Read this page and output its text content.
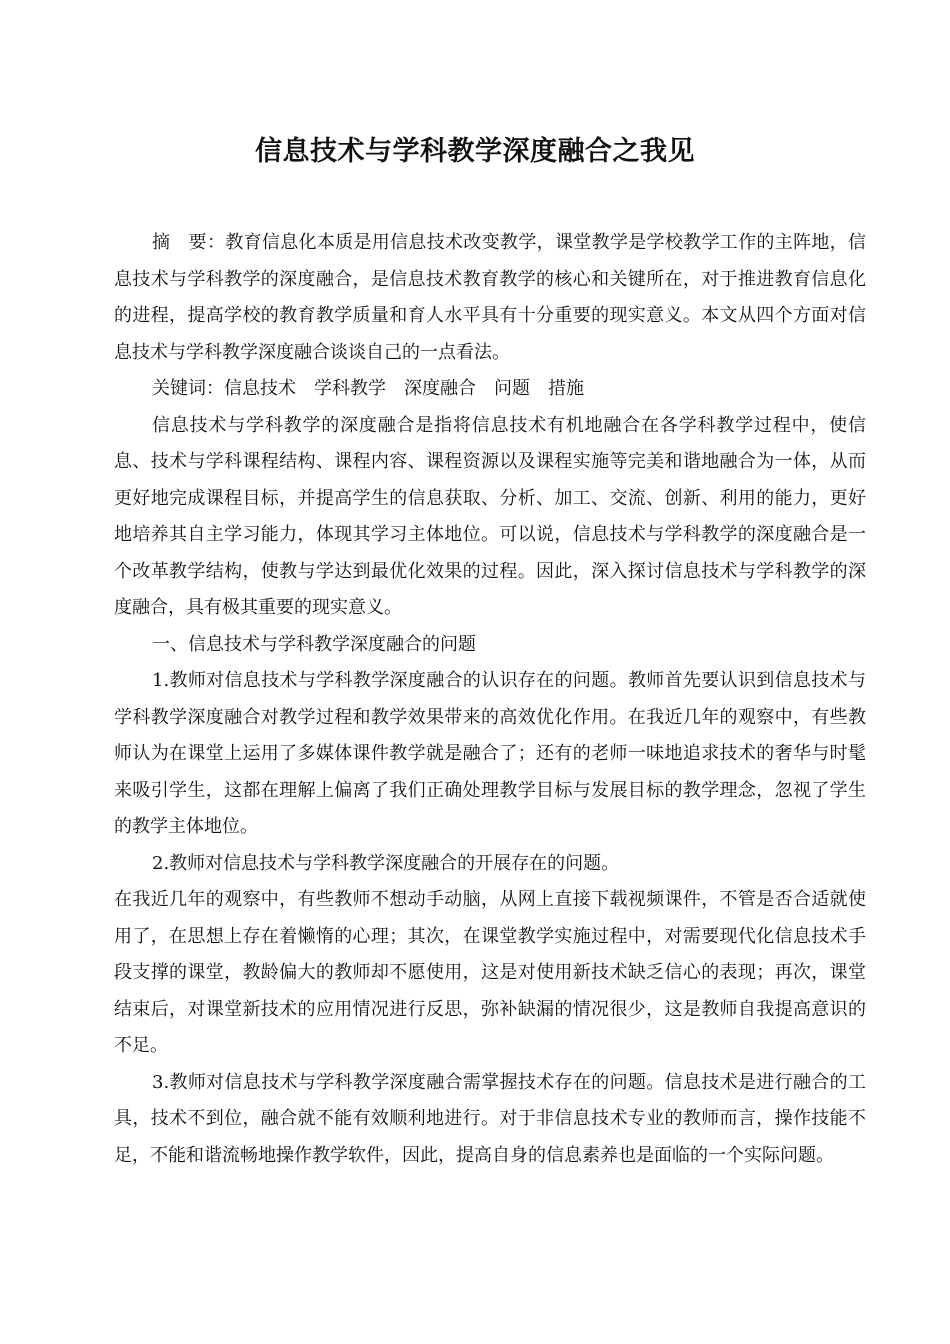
信息技术与学科教学深度融合之我见

摘　要：教育信息化本质是用信息技术改变教学，课堂教学是学校教学工作的主阵地，信息技术与学科教学的深度融合，是信息技术教育教学的核心和关键所在，对于推进教育信息化的进程，提高学校的教育教学质量和育人水平具有十分重要的现实意义。本文从四个方面对信息技术与学科教学深度融合谈谈自己的一点看法。

关键词：信息技术　学科教学　深度融合　问题　措施

信息技术与学科教学的深度融合是指将信息技术有机地融合在各学科教学过程中，使信息、技术与学科课程结构、课程内容、课程资源以及课程实施等完美和谐地融合为一体，从而更好地完成课程目标，并提高学生的信息获取、分析、加工、交流、创新、利用的能力，更好地培养其自主学习能力，体现其学习主体地位。可以说，信息技术与学科教学的深度融合是一个改革教学结构，使教与学达到最优化效果的过程。因此，深入探讨信息技术与学科教学的深度融合，具有极其重要的现实意义。

一、信息技术与学科教学深度融合的问题

1.教师对信息技术与学科教学深度融合的认识存在的问题。教师首先要认识到信息技术与学科教学深度融合对教学过程和教学效果带来的高效优化作用。在我近几年的观察中，有些教师认为在课堂上运用了多媒体课件教学就是融合了；还有的老师一味地追求技术的奢华与时髦来吸引学生，这都在理解上偏离了我们正确处理教学目标与发展目标的教学理念，忽视了学生的教学主体地位。

2.教师对信息技术与学科教学深度融合的开展存在的问题。

在我近几年的观察中，有些教师不想动手动脑，从网上直接下载视频课件，不管是否合适就使用了，在思想上存在着懒惰的心理；其次，在课堂教学实施过程中，对需要现代化信息技术手段支撑的课堂，教龄偏大的教师却不愿使用，这是对使用新技术缺乏信心的表现；再次，课堂结束后，对课堂新技术的应用情况进行反思，弥补缺漏的情况很少，这是教师自我提高意识的不足。

3.教师对信息技术与学科教学深度融合需掌握技术存在的问题。信息技术是进行融合的工具，技术不到位，融合就不能有效顺利地进行。对于非信息技术专业的教师而言，操作技能不足，不能和谐流畅地操作教学软件，因此，提高自身的信息素养也是面临的一个实际问题。
